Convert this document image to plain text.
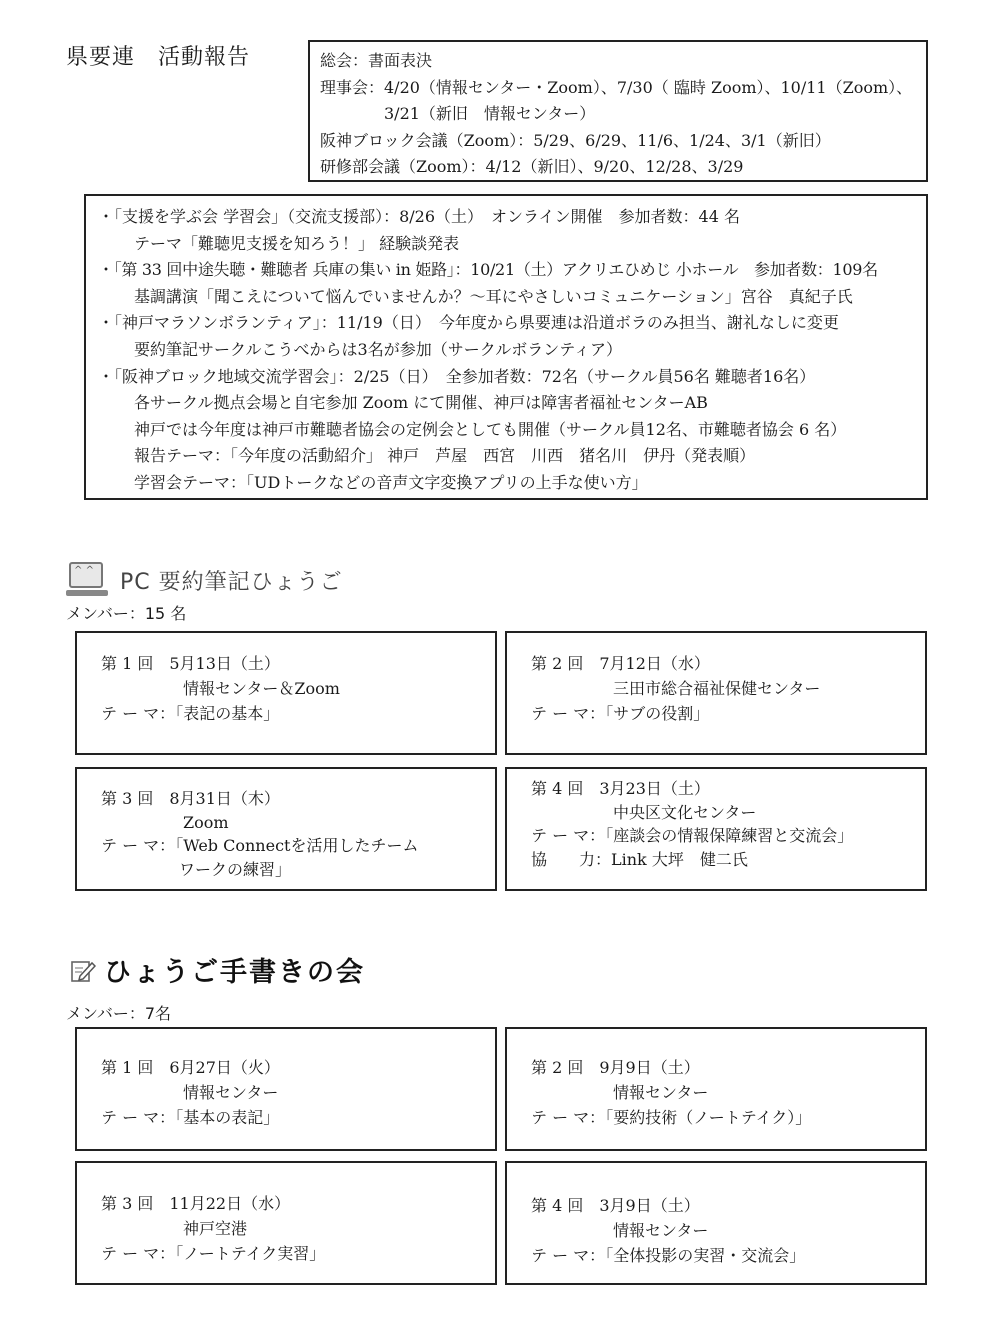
県要連　活動報告	総会：書面表決
理事会：4/20（情報センター・Zoom）、7/30（ 臨時 Zoom）、10/11（Zoom）、
3/21（新旧　情報センター）
阪神ブロック会議（Zoom）：5/29、6/29、11/6、1/24、3/1（新旧）
研修部会議（Zoom）：4/12（新旧）、9/20、12/28、3/29
・「支援を学ぶ会 学習会」（交流支援部）：8/26（土）　オンライン開催　参加者数：44 名
テーマ「難聴児支援を知ろう！」 経験談発表
・「第 33 回中途失聴・難聴者 兵庫の集い in 姫路」：10/21（土）アクリエひめじ 小ホール　参加者数：109名
基調講演「聞こえについて悩んでいませんか？～耳にやさしいコミュニケーション」宮谷　真紀子氏
・「神戸マラソンボランティア」：11/19（日）　今年度から県要連は沿道ボラのみ担当、謝礼なしに変更
要約筆記サークルこうべからは3名が参加（サークルボランティア）
・「阪神ブロック地域交流学習会」：2/25（日）　全参加者数：72名（サークル員56名 難聴者16名）
各サークル拠点会場と自宅参加 Zoom にて開催、神戸は障害者福祉センターAB
神戸では今年度は神戸市難聴者協会の定例会としても開催（サークル員12名、市難聴者協会 6 名）
報告テーマ：「今年度の活動紹介」 神戸　芦屋　西宮　川西　猪名川　伊丹（発表順）
学習会テーマ：「UDトークなどの音声文字変換アプリの上手な使い方」
^ ^ PC 要約筆記ひょうご
メンバー：15 名
第 1 回　 5月13日（土）
情報センター＆Zoom
テ ー マ：「表記の基本」
第 2 回　 7月12日（水）
三田市総合福祉保健センター
テ ー マ：「サブの役割」
第 3 回　 8月31日（木）
Zoom
テ ー マ：「Web Connectを活用したチーム
ワークの練習」
第 4 回　 3月23日（土）
中央区文化センター
テ ー マ：「座談会の情報保障練習と交流会」
協　　力：Link 大坪　健二氏
ひょうご手書きの会
メンバー：7名
第 1 回　 6月27日（火）
情報センター
テ ー マ：「基本の表記」
第 2 回　 9月9日（土）
情報センター
テ ー マ：「要約技術（ノートテイク）」
第 3 回　 11月22日（水）
神戸空港
テ ー マ：「ノートテイク実習」
第 4 回　 3月9日（土）
情報センター
テ ー マ：「全体投影の実習・交流会」
